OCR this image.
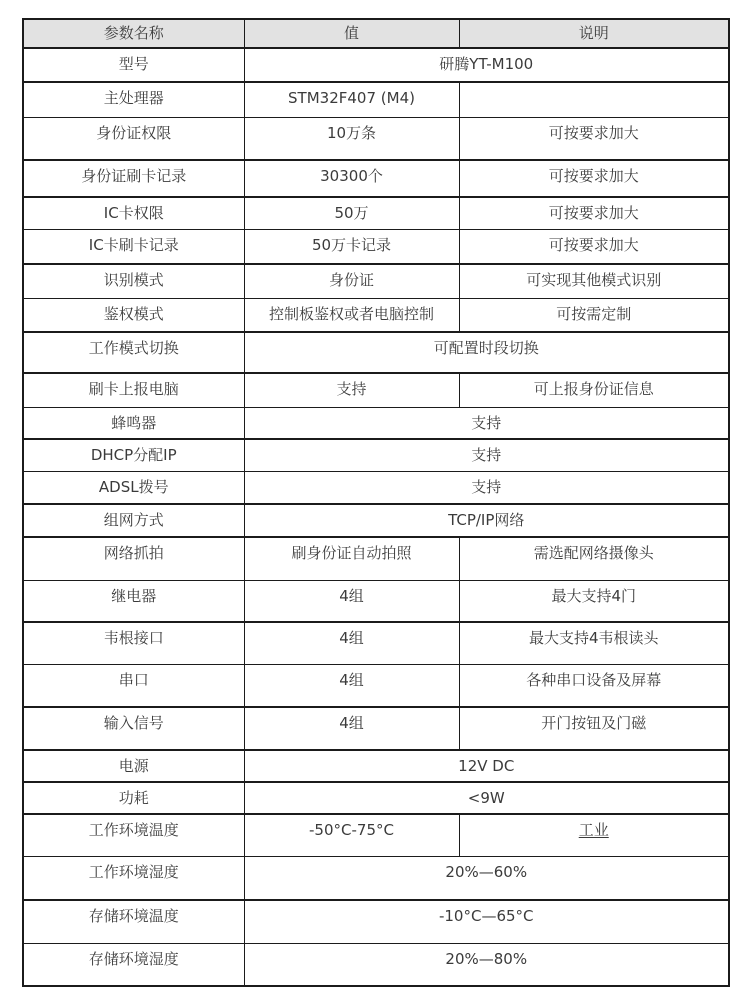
参数名称	值	说明
型号	研腾YT-M100	
主处理器	STM32F407 (M4)	
身份证权限	10万条	可按要求加大
身份证刷卡记录	30300个	可按要求加大
IC卡权限	50万	可按要求加大
IC卡刷卡记录	50万卡记录	可按要求加大
识别模式	身份证	可实现其他模式识别
鉴权模式	控制板鉴权或者电脑控制	可按需定制
工作模式切换	可配置时段切换	
刷卡上报电脑	支持	可上报身份证信息
蜂鸣器	支持	
DHCP分配IP	支持	
ADSL拨号	支持	
组网方式	TCP/IP网络	
网络抓拍	刷身份证自动拍照	需选配网络摄像头
继电器	4组	最大支持4门
韦根接口	4组	最大支持4韦根读头
串口	4组	各种串口设备及屏幕
输入信号	4组	开门按钮及门磁
电源	12V DC	
功耗	<9W	
工作环境温度	-50°C-75°C	工业
工作环境湿度	20%—60%	
存储环境温度	-10°C—65°C	
存储环境湿度	20%—80%	
